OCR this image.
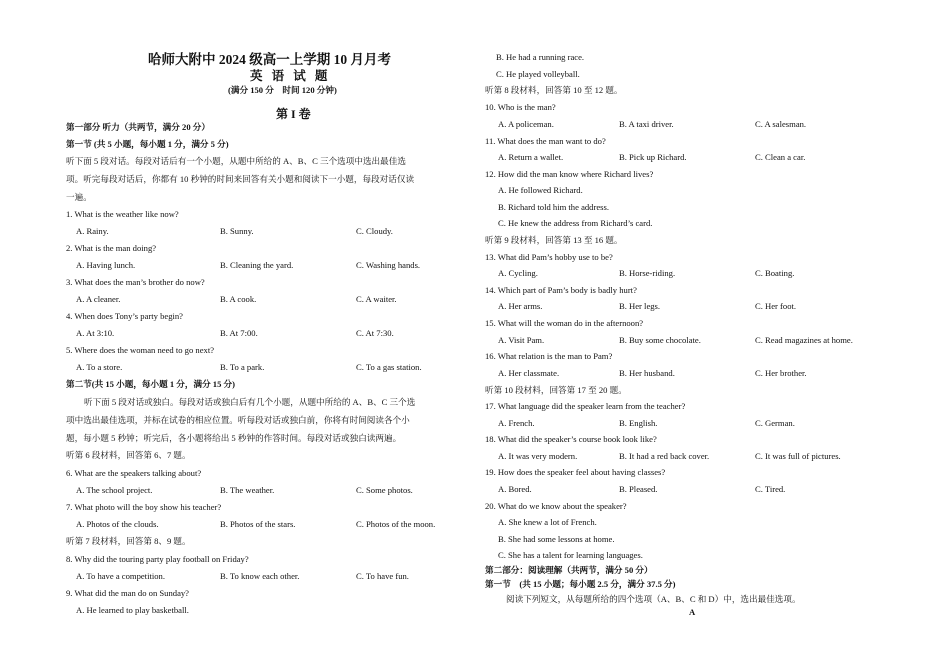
哈师大附中 2024 级高一上学期 10 月月考
英 语 试 题
(满分 150 分　时间 120 分钟)
第 I 卷
第一部分 听力（共两节，满分 20 分）
第一节 (共 5 小题，每小题 1 分，满分 5 分)
听下面 5 段对话。每段对话后有一个小题，从题中所给的 A、B、C 三个选项中选出最佳选
项。听完每段对话后，你都有 10 秒钟的时间来回答有关小题和阅读下一小题，每段对话仅读
一遍。
1. What is the weather like now?
A. Rainy.	B. Sunny.	C. Cloudy.
2. What is the man doing?
A. Having lunch.	B. Cleaning the yard.	C. Washing hands.
3. What does the man’s brother do now?
A. A cleaner.	B. A cook.	C. A waiter.
4. When does Tony’s party begin?
A. At 3:10.	B. At 7:00.	C. At 7:30.
5. Where does the woman need to go next?
A. To a store.	B. To a park.	C. To a gas station.
第二节(共 15 小题，每小题 1 分，满分 15 分)
听下面 5 段对话或独白。每段对话或独白后有几个小题，从题中所给的 A、B、C 三个选
项中选出最佳选项，并标在试卷的相应位置。听每段对话或独白前，你将有时间阅读各个小
题，每小题 5 秒钟；听完后，各小题将给出 5 秒钟的作答时间。每段对话或独白读两遍。
听第 6 段材料，回答第 6、7 题。
6. What are the speakers talking about?
A. The school project.	B. The weather.	C. Some photos.
7. What photo will the boy show his teacher?
A. Photos of the clouds.	B. Photos of the stars.	C. Photos of the moon.
听第 7 段材料，回答第 8、9 题。
8. Why did the touring party play football on Friday?
A. To have a competition.	B. To know each other.	C. To have fun.
9. What did the man do on Sunday?
A. He learned to play basketball.
B. He had a running race.
C. He played volleyball.
听第 8 段材料，回答第 10 至 12 题。
10. Who is the man?
A. A policeman.	B. A taxi driver.	C. A salesman.
11. What does the man want to do?
A. Return a wallet.	B. Pick up Richard.	C. Clean a car.
12. How did the man know where Richard lives?
A. He followed Richard.
B. Richard told him the address.
C. He knew the address from Richard’s card.
听第 9 段材料，回答第 13 至 16 题。
13. What did Pam’s hobby use to be?
A. Cycling.	B. Horse-riding.	C. Boating.
14. Which part of Pam’s body is badly hurt?
A. Her arms.	B. Her legs.	C. Her foot.
15. What will the woman do in the afternoon?
A. Visit Pam.	B. Buy some chocolate.	C. Read magazines at home.
16. What relation is the man to Pam?
A. Her classmate.	B. Her husband.	C. Her brother.
听第 10 段材料，回答第 17 至 20 题。
17. What language did the speaker learn from the teacher?
A. French.	B. English.	C. German.
18. What did the speaker’s course book look like?
A. It was very modern.	B. It had a red back cover.	C. It was full of pictures.
19. How does the speaker feel about having classes?
A. Bored.	B. Pleased.	C. Tired.
20. What do we know about the speaker?
A. She knew a lot of French.
B. She had some lessons at home.
C. She has a talent for learning languages.
第二部分：阅读理解（共两节，满分 50 分）
第一节　(共 15 小题；每小题 2.5 分，满分 37.5 分)
阅读下列短文，从每题所给的四个选项（A、B、C 和 D）中，选出最佳选项。
A
